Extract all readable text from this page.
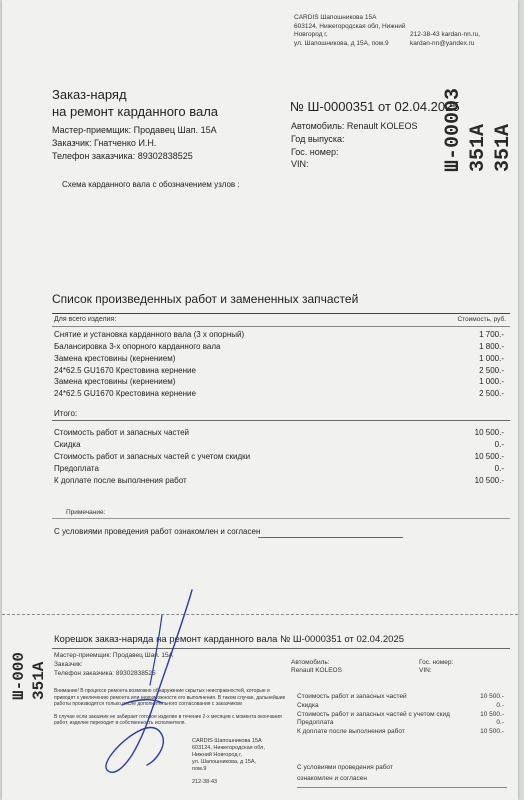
CARDIS Шапошникова 15А
603124, Нижегородская обл, Нижний
Новгород г,
ул. Шапошникова, д 15А, пом.9
212-38-43 kardan-nn.ru,
kardan-nn@yandex.ru
Заказ-наряд
на ремонт карданного вала	№ Ш-0000351 от 02.04.2025
Мастер-приемщик: Продавец Шап. 15А
Заказчик: Гнатченко И.Н.
Телефон заказчика: 89302838525
Автомобиль: Renault KOLEOS
Год выпуска:
Гос. номер:
VIN:	Ш-00003 351А 351А
Схема карданного вала с обозначением узлов :
Список произведенных работ и замененных запчастей
Для всего изделия:	Стоимость, руб.
Снятие и установка карданного вала (3 х опорный)	1 700.-
Балансировка 3-х опорного карданного вала	1 800.-
Замена крестовины (кернением)	1 000.-
24*62.5 GU1670 Крестовина кернение	2 500.-
Замена крестовины (кернением)	1 000.-
24*62.5 GU1670 Крестовина кернение	2 500.-
Итого:
Стоимость работ и запасных частей	10 500.-
Скидка	0.-
Стоимость работ и запасных частей с учетом скидки	10 500.-
Предоплата	0.-
К доплате после выполнения работ	10 500.-
Примечание:
С условиями проведения работ ознакомлен и согласен
Корешок заказ-наряда на ремонт карданного вала № Ш-0000351 от 02.04.2025
Мастер-приемщик: Продавец Шап. 15А
Заказчик:
Телефон заказчика: 89302838525
Автомобиль:
Renault KOLEOS
Гос. номер:
VIN:
Ш-000 351А Внимание! В процессе ремонта возможно обнаружение скрытых неисправностей, которые и
приводят к увеличению ремонта или невозможности его выполнения. В таком случае, дальнейшие
работы производятся только после дополнительного согласования с заказчиком
В случае если заказчик не забирает готовое изделие в течение 2-х месяцев с момента окончания
работ, изделие переходит в собственность исполнителя.
CARDIS Шапошникова 15А
603124, Нижегородская обл,
Нижний Новгород г,
ул. Шапошникова, д 15А,
пом.9
212-38-43
Стоимость работ и запасных частей	10 500.-
Скидка	0.-
Стоимость работ и запасных частей с учетом скид	10 500.-
Предоплата	0.-
К доплате после выполнения работ	10 500.-
С условиями проведения работ
ознакомлен и согласен
